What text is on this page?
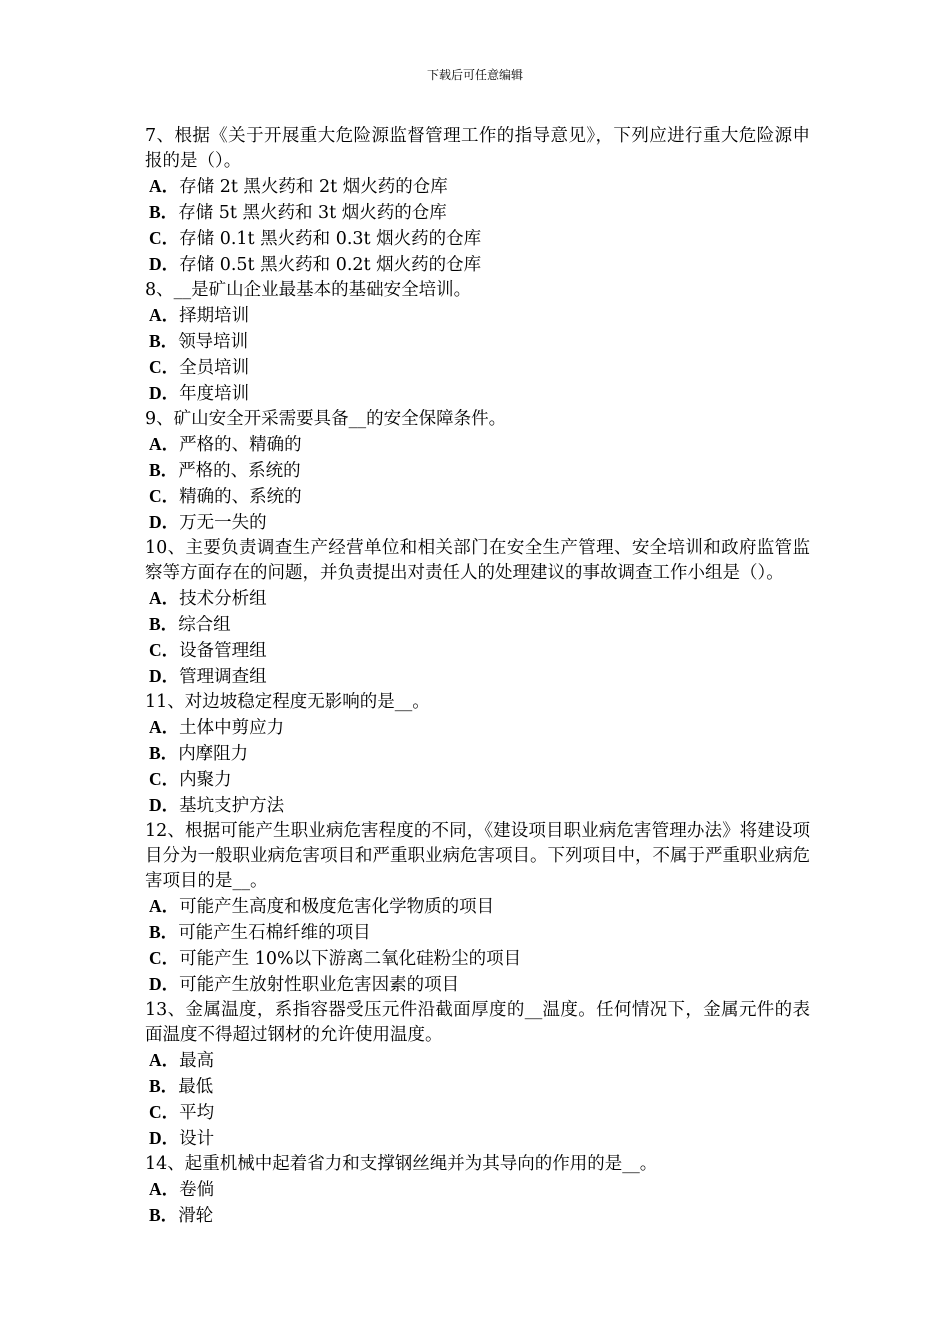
下载后可任意编辑
7、根据《关于开展重大危险源监督管理工作的指导意见》，下列应进行重大危险源申报的是（）。
A．存储 2t 黑火药和 2t 烟火药的仓库
B．存储 5t 黑火药和 3t 烟火药的仓库
C．存储 0.1t 黑火药和 0.3t 烟火药的仓库
D．存储 0.5t 黑火药和 0.2t 烟火药的仓库
8、__是矿山企业最基本的基础安全培训。
A．择期培训
B．领导培训
C．全员培训
D．年度培训
9、矿山安全开采需要具备__的安全保障条件。
A．严格的、精确的
B．严格的、系统的
C．精确的、系统的
D．万无一失的
10、主要负责调查生产经营单位和相关部门在安全生产管理、安全培训和政府监管监察等方面存在的问题，并负责提出对责任人的处理建议的事故调查工作小组是（）。
A．技术分析组
B．综合组
C．设备管理组
D．管理调查组
11、对边坡稳定程度无影响的是__。
A．土体中剪应力
B．内摩阻力
C．内聚力
D．基坑支护方法
12、根据可能产生职业病危害程度的不同，《建设项目职业病危害管理办法》将建设项目分为一般职业病危害项目和严重职业病危害项目。下列项目中，不属于严重职业病危害项目的是__。
A．可能产生高度和极度危害化学物质的项目
B．可能产生石棉纤维的项目
C．可能产生 10%以下游离二氧化硅粉尘的项目
D．可能产生放射性职业危害因素的项目
13、金属温度，系指容器受压元件沿截面厚度的__温度。任何情况下，金属元件的表面温度不得超过钢材的允许使用温度。
A．最高
B．最低
C．平均
D．设计
14、起重机械中起着省力和支撑钢丝绳并为其导向的作用的是__。
A．卷倘
B．滑轮
